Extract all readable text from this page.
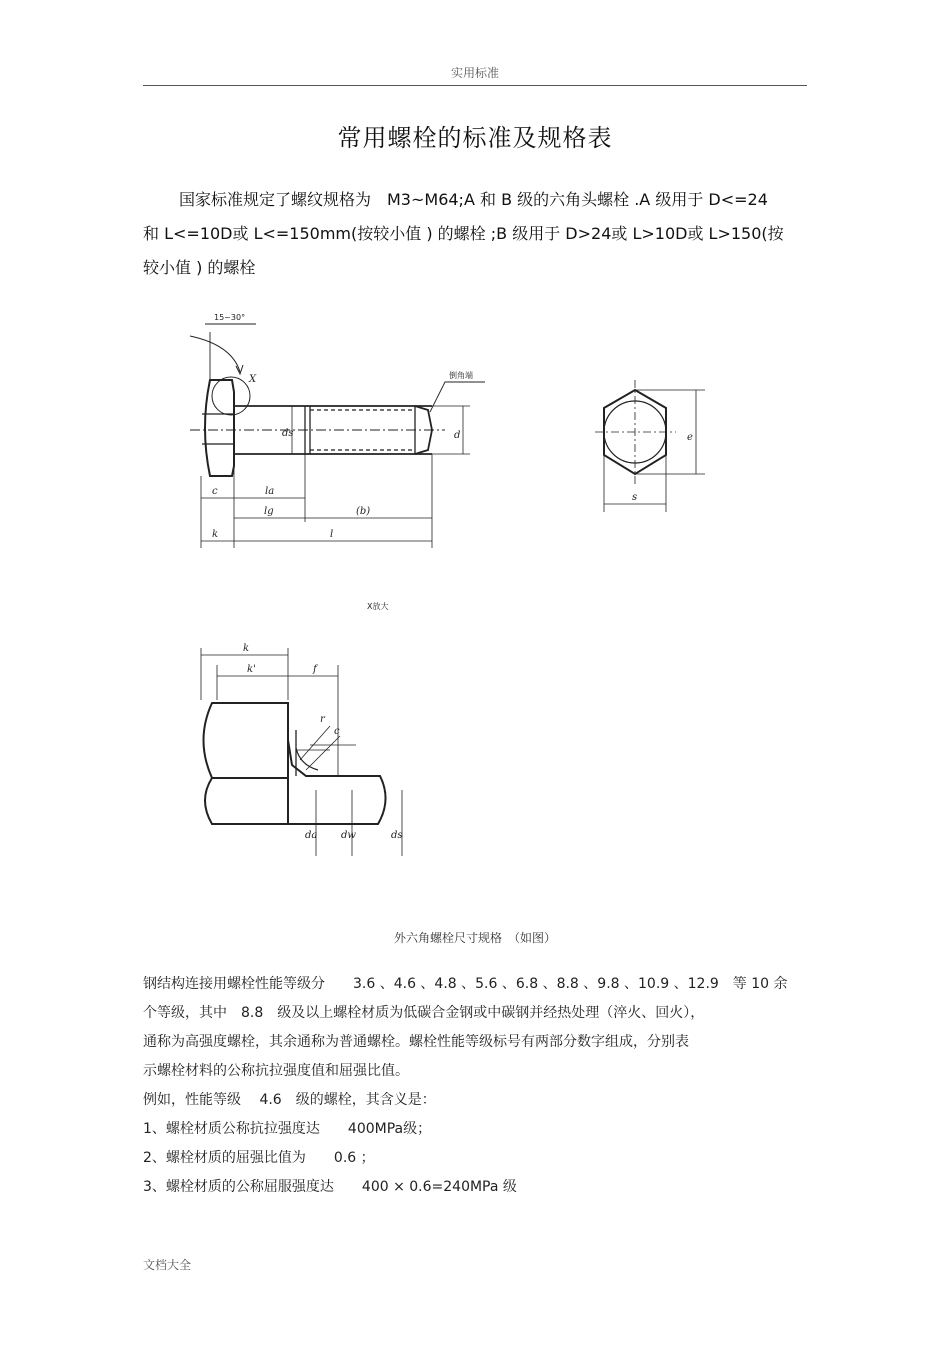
实用标准
常用螺栓的标准及规格表

国家标准规定了螺纹规格为　M3~M64;A 和 B 级的六角头螺栓 .A 级用于 D<=24
和 L<=10D或 L<=150mm(按较小值 ) 的螺栓 ;B 级用于 D>24或 L>10D或 L>150(按
较小值 ) 的螺栓

15~30°
X	倒角端
d
ds
c	la
lg	(b)
k	l
e
s
X放大
k
k'	f
r
c
da dw	ds
外六角螺栓尺寸规格　（如图）

钢结构连接用螺栓性能等级分　　3.6 、4.6 、4.8 、5.6 、6.8 、8.8 、9.8 、10.9 、12.9　等 10 余

个等级，其中　8.8　级及以上螺栓材质为低碳合金钢或中碳钢并经热处理（淬火、回火），

通称为高强度螺栓，其余通称为普通螺栓。螺栓性能等级标号有两部分数字组成，分别表

示螺栓材料的公称抗拉强度值和屈强比值。

例如，性能等级　 4.6　级的螺栓，其含义是：

1、螺栓材质公称抗拉强度达　　400MPa级；

2、螺栓材质的屈强比值为　　0.6 ；

3、螺栓材质的公称屈服强度达　　400 × 0.6=240MPa 级

文档大全
